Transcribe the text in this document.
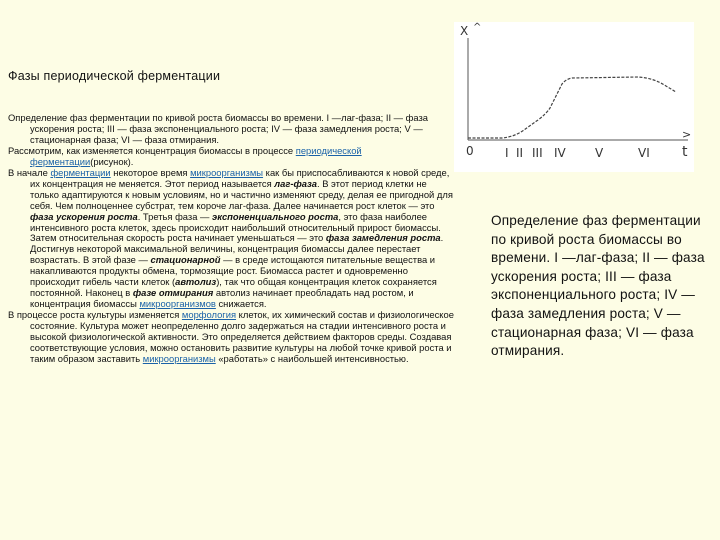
Фазы периодической ферментации

Определение фаз ферментации по кривой роста биомассы во времени. I —лаг-фаза; II — фаза ускорения роста; III — фаза экспоненциального роста; IV — фаза замедления роста; V — стационарная фаза; VI — фаза отмирания.

Рассмотрим, как изменяется концентрация биомассы в процессе периодической ферментации(рисунок).

В начале ферментации некоторое время микроорганизмы как бы приспосабливаются к новой среде, их концентрация не меняется. Этот период называется лаг-фаза. В этот период клетки не только адаптируются к новым условиям, но и частично изменяют среду, делая ее пригодной для себя. Чем полноценнее субстрат, тем короче лаг-фаза. Далее начинается рост клеток — это фаза ускорения роста. Третья фаза — экспоненциального роста, это фаза наиболее интенсивного роста клеток, здесь происходит наибольший относительный прирост биомассы. Затем относительная скорость роста начинает уменьшаться — это фаза замедления роста. Достигнув некоторой максимальной величины, концентрация биомассы далее перестает возрастать. В этой фазе — стационарной — в среде истощаются питательные вещества и накапливаются продукты обмена, тормозящие рост. Биомасса растет и одновременно происходит гибель части клеток (автолиз), так что общая концентрация клеток сохраняется постоянной. Наконец в фазе отмирания автолиз начинает преобладать над ростом, и концентрация биомассы микроорганизмов снижается.

В процессе роста культуры изменяется морфология клеток, их химический состав и физиологическое состояние. Культура может неопределенно долго задержаться на стадии интенсивного роста и высокой физиологической активности. Это определяется действием факторов среды. Создавая соответствующие условия, можно остановить развитие культуры на любой точке кривой роста и таким образом заставить микроорганизмы «работать» с наибольшей интенсивностью.

X ^
>
0	I II III IV V	VI t
Определение фаз ферментации по кривой роста биомассы во времени. I —лаг-фаза; II — фаза ускорения роста; III — фаза экспоненциального роста; IV — фаза замедления роста; V — стационарная фаза; VI — фаза отмирания.
